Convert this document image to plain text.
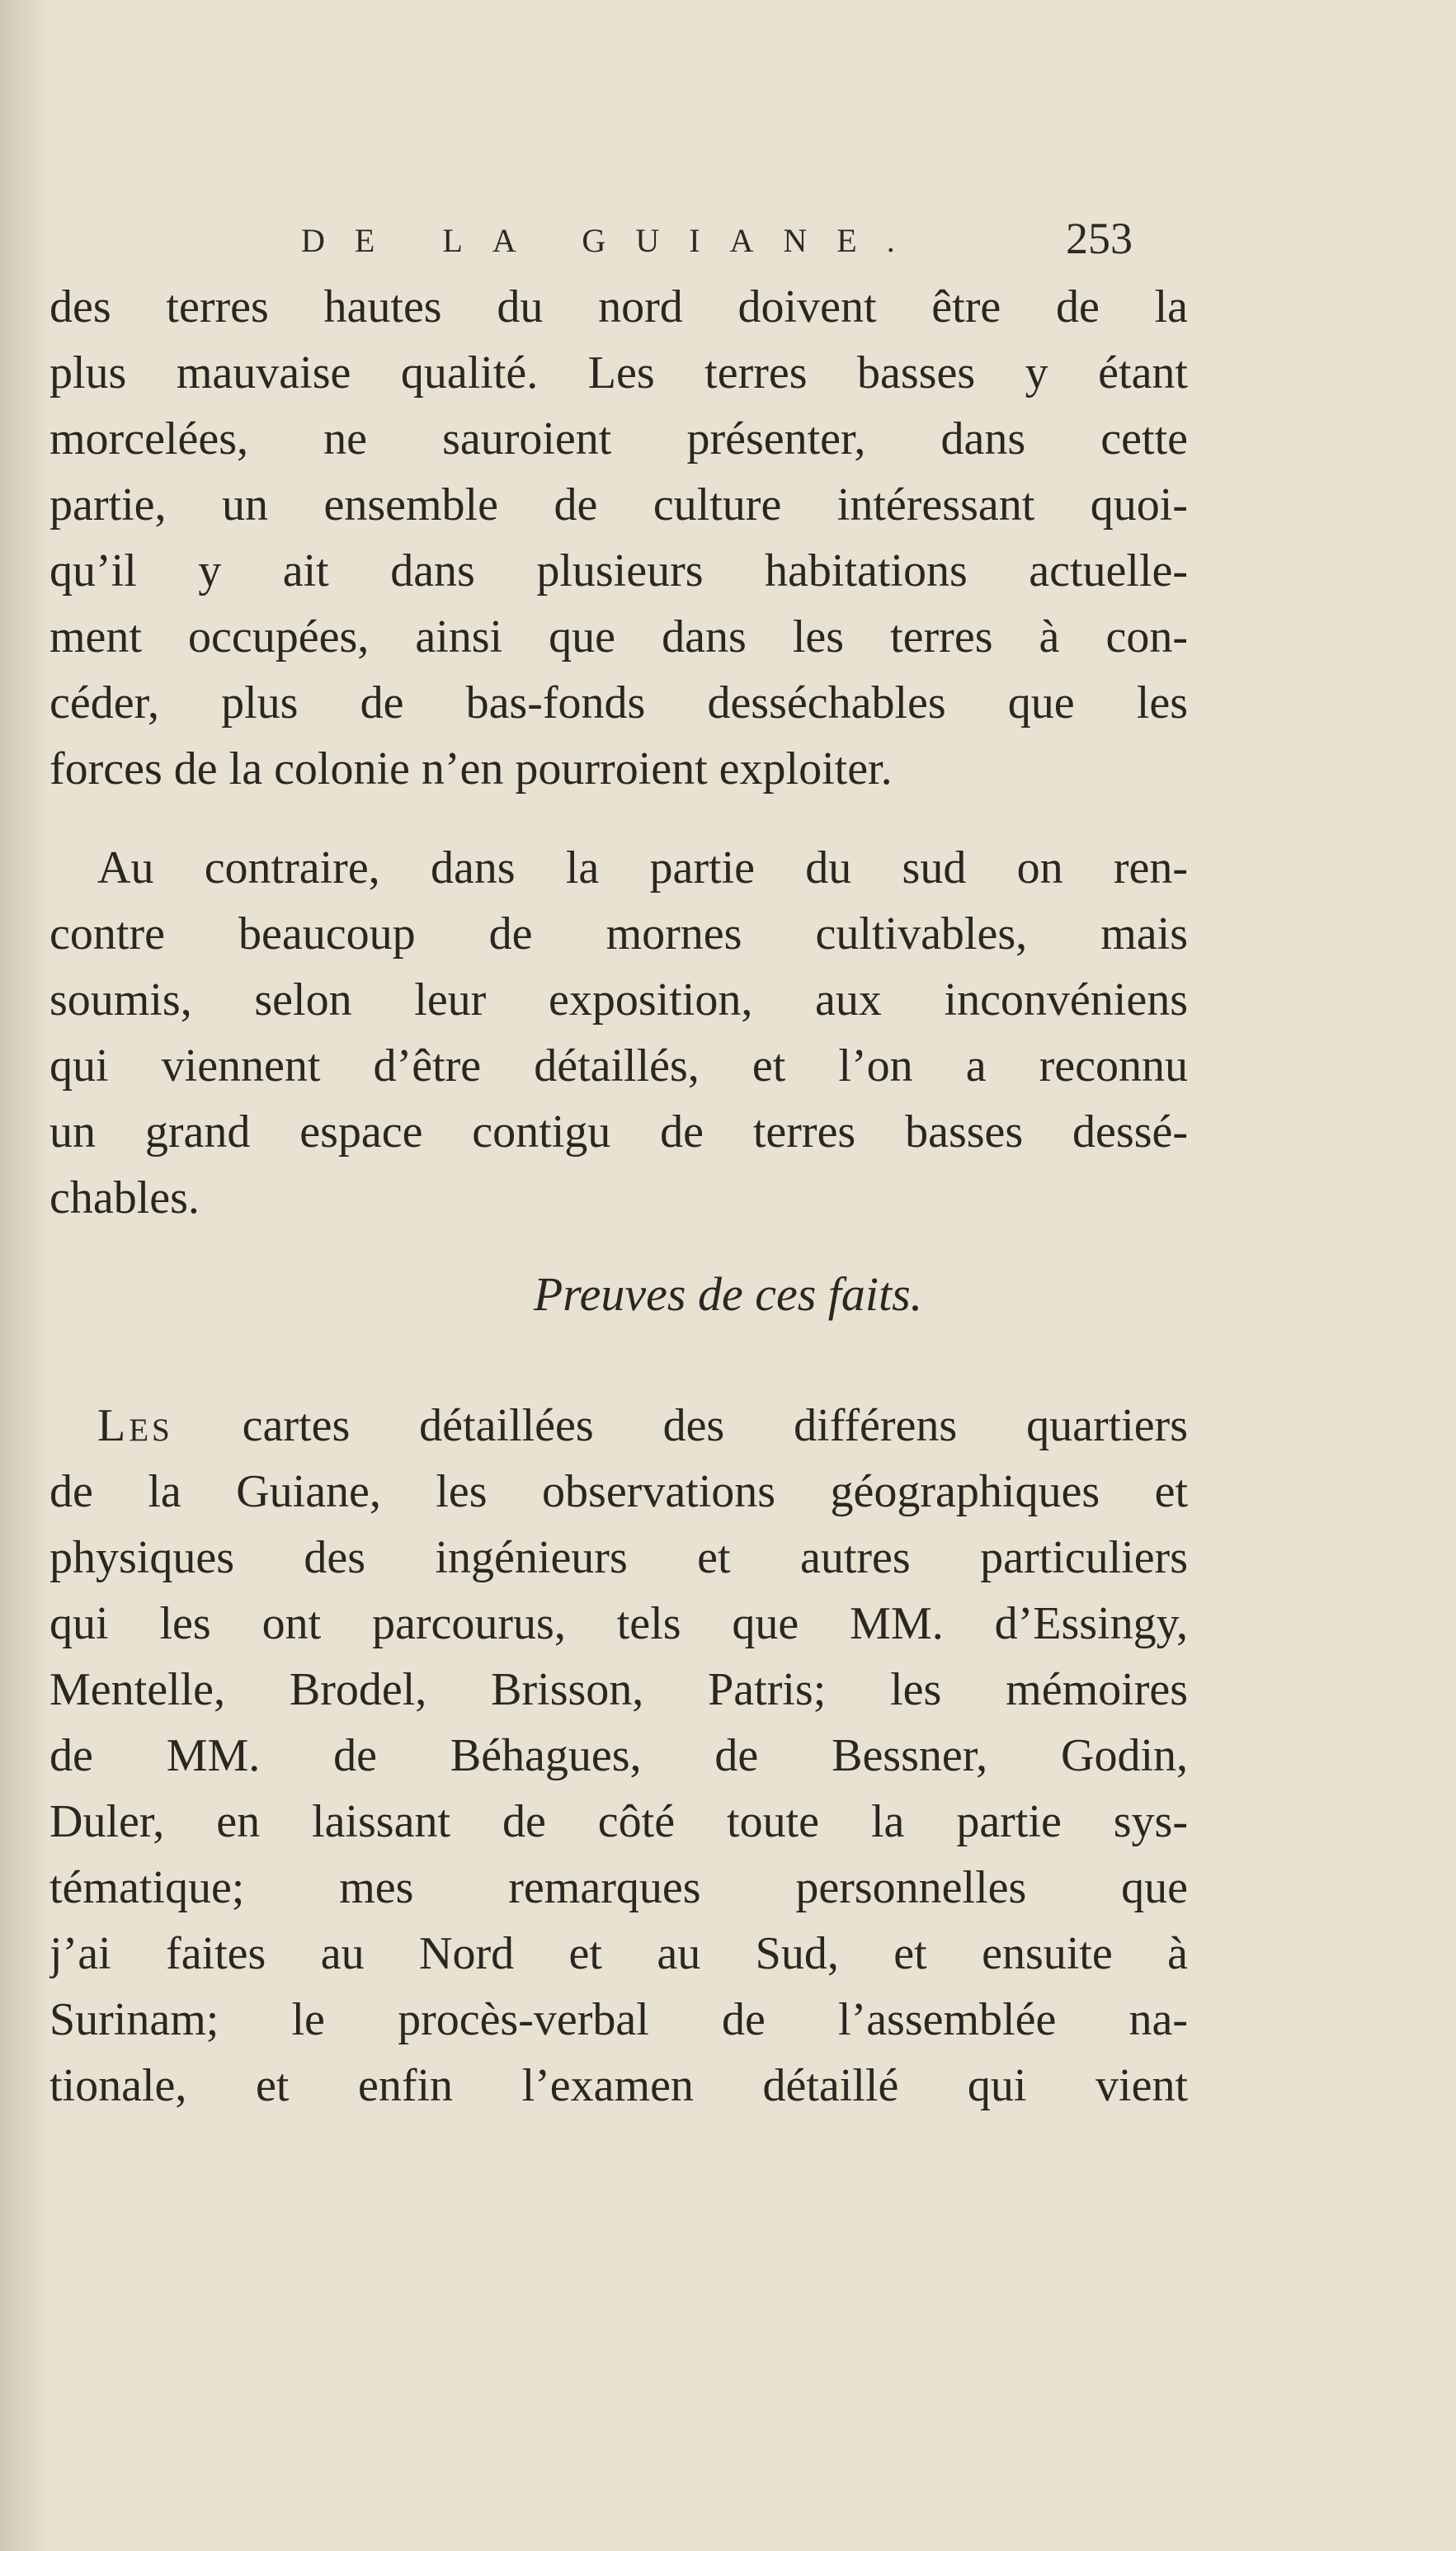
DE LA GUIANE.	253
des terres hautes du nord doivent être de la
plus mauvaise qualité. Les terres basses y étant
morcelées, ne sauroient présenter, dans cette
partie, un ensemble de culture intéressant quoi-
qu’il y ait dans plusieurs habitations actuelle-
ment occupées, ainsi que dans les terres à con-
céder, plus de bas-fonds desséchables que les
forces de la colonie n’en pourroient exploiter.
Au contraire, dans la partie du sud on ren-
contre beaucoup de mornes cultivables, mais
soumis, selon leur exposition, aux inconvéniens
qui viennent d’être détaillés, et l’on a reconnu
un grand espace contigu de terres basses dessé-
chables.
Preuves de ces faits.
Les cartes détaillées des différens quartiers
de la Guiane, les observations géographiques et
physiques des ingénieurs et autres particuliers
qui les ont parcourus, tels que MM. d’Essingy,
Mentelle, Brodel, Brisson, Patris; les mémoires
de MM. de Béhagues, de Bessner, Godin,
Duler, en laissant de côté toute la partie sys-
tématique; mes remarques personnelles que
j’ai faites au Nord et au Sud, et ensuite à
Surinam; le procès-verbal de l’assemblée na-
tionale, et enfin l’examen détaillé qui vient
